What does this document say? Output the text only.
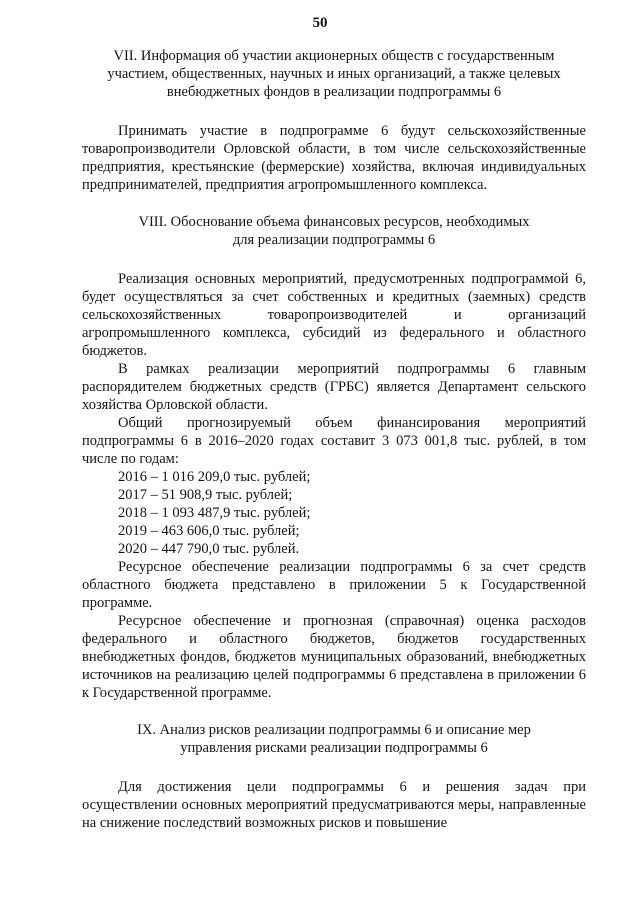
50
VII. Информация об участии акционерных обществ с государственным
участием, общественных, научных и иных организаций, а также целевых
внебюджетных фондов в реализации подпрограммы 6

Принимать участие в подпрограмме 6 будут сельскохозяйственные товаропроизводители Орловской области, в том числе сельскохозяйственные предприятия, крестьянские (фермерские) хозяйства, включая индивидуальных предпринимателей, предприятия агропромышленного комплекса.

VIII. Обоснование объема финансовых ресурсов, необходимых
для реализации подпрограммы 6

Реализация основных мероприятий, предусмотренных подпрограммой 6, будет осуществляться за счет собственных и кредитных (заемных) средств сельскохозяйственных товаропроизводителей и организаций агропромышленного комплекса, субсидий из федерального и областного бюджетов.

В рамках реализации мероприятий подпрограммы 6 главным распорядителем бюджетных средств (ГРБС) является Департамент сельского хозяйства Орловской области.

Общий прогнозируемый объем финансирования мероприятий подпрограммы 6 в 2016–2020 годах составит 3 073 001,8 тыс. рублей, в том числе по годам:

2016 – 1 016 209,0 тыс. рублей;
2017 – 51 908,9 тыс. рублей;
2018 – 1 093 487,9 тыс. рублей;
2019 – 463 606,0 тыс. рублей;
2020 – 447 790,0 тыс. рублей.

Ресурсное обеспечение реализации подпрограммы 6 за счет средств областного бюджета представлено в приложении 5 к Государственной программе.

Ресурсное обеспечение и прогнозная (справочная) оценка расходов федерального и областного бюджетов, бюджетов государственных внебюджетных фондов, бюджетов муниципальных образований, внебюджетных источников на реализацию целей подпрограммы 6 представлена в приложении 6 к Государственной программе.

IX. Анализ рисков реализации подпрограммы 6 и описание мер
управления рисками реализации подпрограммы 6

Для достижения цели подпрограммы 6 и решения задач при осуществлении основных мероприятий предусматриваются меры, направленные на снижение последствий возможных рисков и повышение
